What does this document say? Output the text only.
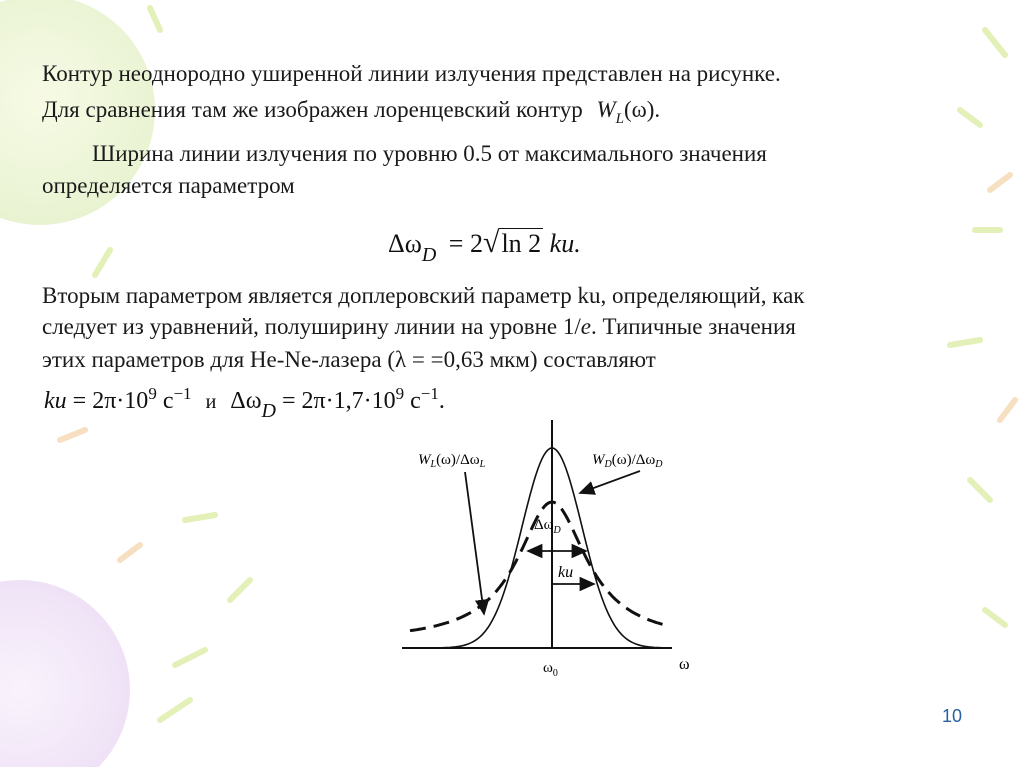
Контур неоднородно уширенной линии излучения представлен на рисунке.
Для сравнения там же изображен лоренцевский контур $W_L(\omega)$.
Ширина линии излучения по уровню 0.5 от максимального значения
определяется параметром
$\Delta\omega_D = 2√\ln$ 2 ku.
Вторым параметром является доплеровский параметр ku, определяющий, как
следует из уравнений, полуширину линии на уровне 1/e. Типичные значения
этих параметров для He-Ne-лазера (λ = =0,63 мкм) составляют
ku = $2\pi\cdot 10^9$ $с^{-1}$ и $\Delta\omega_D = 2\pi\cdot 1,7\cdot 10^9$ $с^{-1}$.
$W_L(\omega)/\Delta\omega_L$	$W_D(\omega)/\Delta\omega_D$
$\Delta\omega_D$
ku
$\omega_0$
ω
10
